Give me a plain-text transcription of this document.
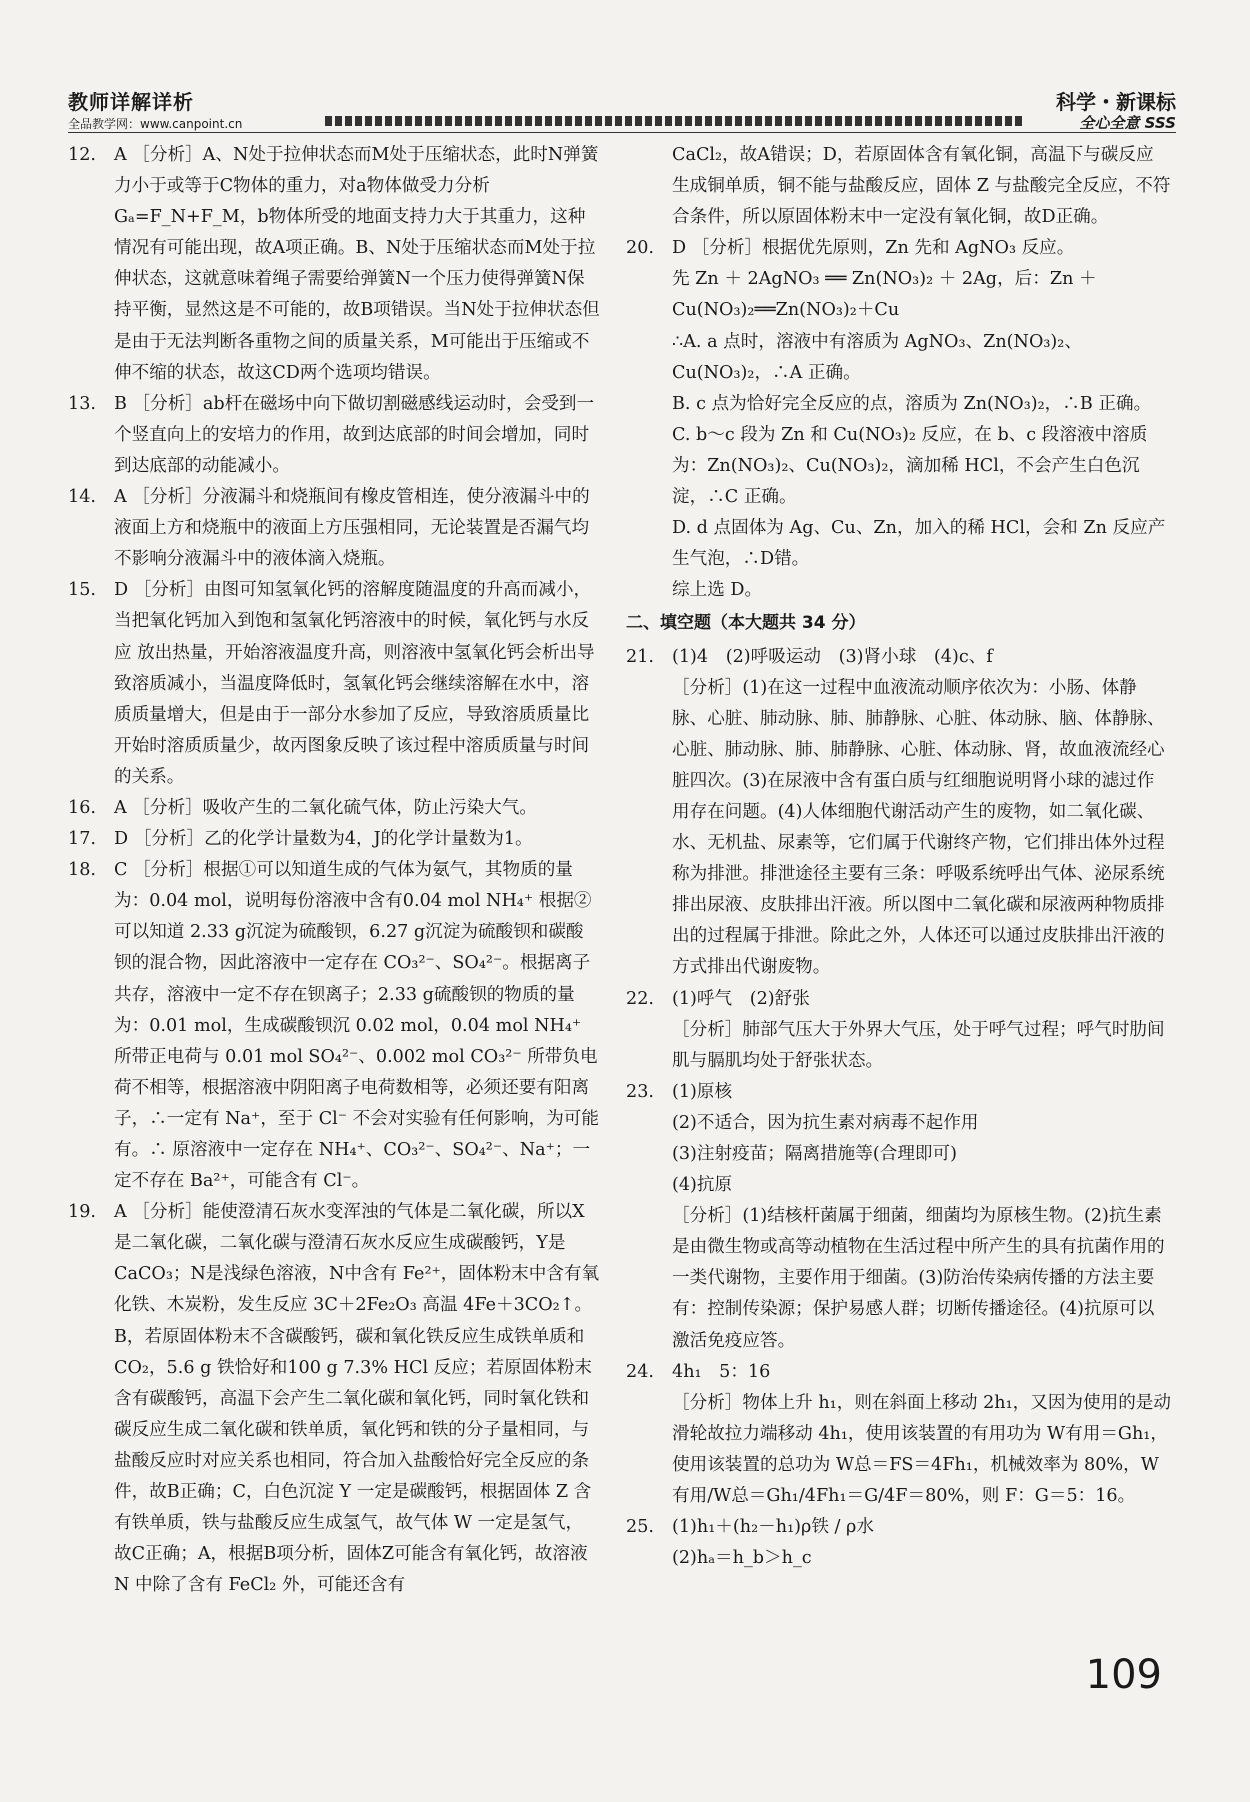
教师详解详析
全品教学网：www.canpoint.cn
科学・新课标
全心全意 SSS
12. A ［分析］A、N处于拉伸状态而M处于压缩状态，此时N弹簧力小于或等于C物体的重力，对a物体做受力分析 Gₐ=F_N+F_M，b物体所受的地面支持力大于其重力，这种情况有可能出现，故A项正确。B、N处于压缩状态而M处于拉伸状态，这就意味着绳子需要给弹簧N一个压力使得弹簧N保持平衡，显然这是不可能的，故B项错误。当N处于拉伸状态但是由于无法判断各重物之间的质量关系，M可能出于压缩或不伸不缩的状态，故这CD两个选项均错误。
13. B ［分析］ab杆在磁场中向下做切割磁感线运动时，会受到一个竖直向上的安培力的作用，故到达底部的时间会增加，同时到达底部的动能减小。
14. A ［分析］分液漏斗和烧瓶间有橡皮管相连，使分液漏斗中的液面上方和烧瓶中的液面上方压强相同，无论装置是否漏气均不影响分液漏斗中的液体滴入烧瓶。
15. D ［分析］由图可知氢氧化钙的溶解度随温度的升高而减小，当把氧化钙加入到饱和氢氧化钙溶液中的时候，氧化钙与水反应 放出热量，开始溶液温度升高，则溶液中氢氧化钙会析出导致溶质减小，当温度降低时，氢氧化钙会继续溶解在水中，溶质质量增大，但是由于一部分水参加了反应，导致溶质质量比开始时溶质质量少，故丙图象反映了该过程中溶质质量与时间的关系。
16. A ［分析］吸收产生的二氧化硫气体，防止污染大气。
17. D ［分析］乙的化学计量数为4，J的化学计量数为1。
18. C ［分析］根据①可以知道生成的气体为氨气，其物质的量为：0.04 mol，说明每份溶液中含有0.04 mol NH₄⁺ 根据②可以知道 2.33 g沉淀为硫酸钡，6.27 g沉淀为硫酸钡和碳酸钡的混合物，因此溶液中一定存在 CO₃²⁻、SO₄²⁻。根据离子共存，溶液中一定不存在钡离子；2.33 g硫酸钡的物质的量为：0.01 mol，生成碳酸钡沉 0.02 mol，0.04 mol NH₄⁺ 所带正电荷与 0.01 mol SO₄²⁻、0.002 mol CO₃²⁻ 所带负电荷不相等，根据溶液中阴阳离子电荷数相等，必须还要有阳离子，∴一定有 Na⁺，至于 Cl⁻ 不会对实验有任何影响，为可能有。∴ 原溶液中一定存在 NH₄⁺、CO₃²⁻、SO₄²⁻、Na⁺；一定不存在 Ba²⁺，可能含有 Cl⁻。
19. A ［分析］能使澄清石灰水变浑浊的气体是二氧化碳，所以X是二氧化碳，二氧化碳与澄清石灰水反应生成碳酸钙，Y是 CaCO₃；N是浅绿色溶液，N中含有 Fe²⁺，固体粉末中含有氧化铁、木炭粉，发生反应 3C＋2Fe₂O₃ 高温 4Fe＋3CO₂↑。B，若原固体粉末不含碳酸钙，碳和氧化铁反应生成铁单质和 CO₂，5.6 g 铁恰好和100 g 7.3% HCl 反应；若原固体粉末含有碳酸钙，高温下会产生二氧化碳和氧化钙，同时氧化铁和碳反应生成二氧化碳和铁单质，氧化钙和铁的分子量相同，与盐酸反应时对应关系也相同，符合加入盐酸恰好完全反应的条件，故B正确；C，白色沉淀 Y 一定是碳酸钙，根据固体 Z 含有铁单质，铁与盐酸反应生成氢气，故气体 W 一定是氢气，故C正确；A，根据B项分析，固体Z可能含有氧化钙，故溶液 N 中除了含有 FeCl₂ 外，可能还含有

CaCl₂，故A错误；D，若原固体含有氧化铜，高温下与碳反应生成铜单质，铜不能与盐酸反应，固体 Z 与盐酸完全反应，不符合条件，所以原固体粉末中一定没有氧化铜，故D正确。

20. D ［分析］根据优先原则，Zn 先和 AgNO₃ 反应。

先 Zn ＋ 2AgNO₃ ══ Zn(NO₃)₂ ＋ 2Ag，后：Zn ＋ Cu(NO₃)₂══Zn(NO₃)₂＋Cu

∴A. a 点时，溶液中有溶质为 AgNO₃、Zn(NO₃)₂、Cu(NO₃)₂，∴A 正确。

B. c 点为恰好完全反应的点，溶质为 Zn(NO₃)₂，∴B 正确。

C. b～c 段为 Zn 和 Cu(NO₃)₂ 反应，在 b、c 段溶液中溶质为：Zn(NO₃)₂、Cu(NO₃)₂，滴加稀 HCl，不会产生白色沉淀，∴C 正确。

D. d 点固体为 Ag、Cu、Zn，加入的稀 HCl，会和 Zn 反应产生气泡，∴D错。

综上选 D。

二、填空题（本大题共 34 分）
21. (1)4　(2)呼吸运动　(3)肾小球　(4)c、f

［分析］(1)在这一过程中血液流动顺序依次为：小肠、体静脉、心脏、肺动脉、肺、肺静脉、心脏、体动脉、脑、体静脉、心脏、肺动脉、肺、肺静脉、心脏、体动脉、肾，故血液流经心脏四次。(3)在尿液中含有蛋白质与红细胞说明肾小球的滤过作用存在问题。(4)人体细胞代谢活动产生的废物，如二氧化碳、水、无机盐、尿素等，它们属于代谢终产物，它们排出体外过程称为排泄。排泄途径主要有三条：呼吸系统呼出气体、泌尿系统排出尿液、皮肤排出汗液。所以图中二氧化碳和尿液两种物质排出的过程属于排泄。除此之外，人体还可以通过皮肤排出汗液的方式排出代谢废物。

22. (1)呼气　(2)舒张

［分析］肺部气压大于外界大气压，处于呼气过程；呼气时肋间肌与膈肌均处于舒张状态。

23. (1)原核

(2)不适合，因为抗生素对病毒不起作用

(3)注射疫苗；隔离措施等(合理即可)

(4)抗原

［分析］(1)结核杆菌属于细菌，细菌均为原核生物。(2)抗生素是由微生物或高等动植物在生活过程中所产生的具有抗菌作用的一类代谢物，主要作用于细菌。(3)防治传染病传播的方法主要有：控制传染源；保护易感人群；切断传播途径。(4)抗原可以激活免疫应答。

24. 4h₁　5：16

［分析］物体上升 h₁，则在斜面上移动 2h₁，又因为使用的是动滑轮故拉力端移动 4h₁，使用该装置的有用功为 W有用＝Gh₁，使用该装置的总功为 W总＝FS＝4Fh₁，机械效率为 80%，W有用/W总＝Gh₁/4Fh₁＝G/4F＝80%，则 F：G＝5：16。

25. (1)h₁＋(h₂－h₁)ρ铁 / ρ水

(2)hₐ＝h_b＞h_c

109
